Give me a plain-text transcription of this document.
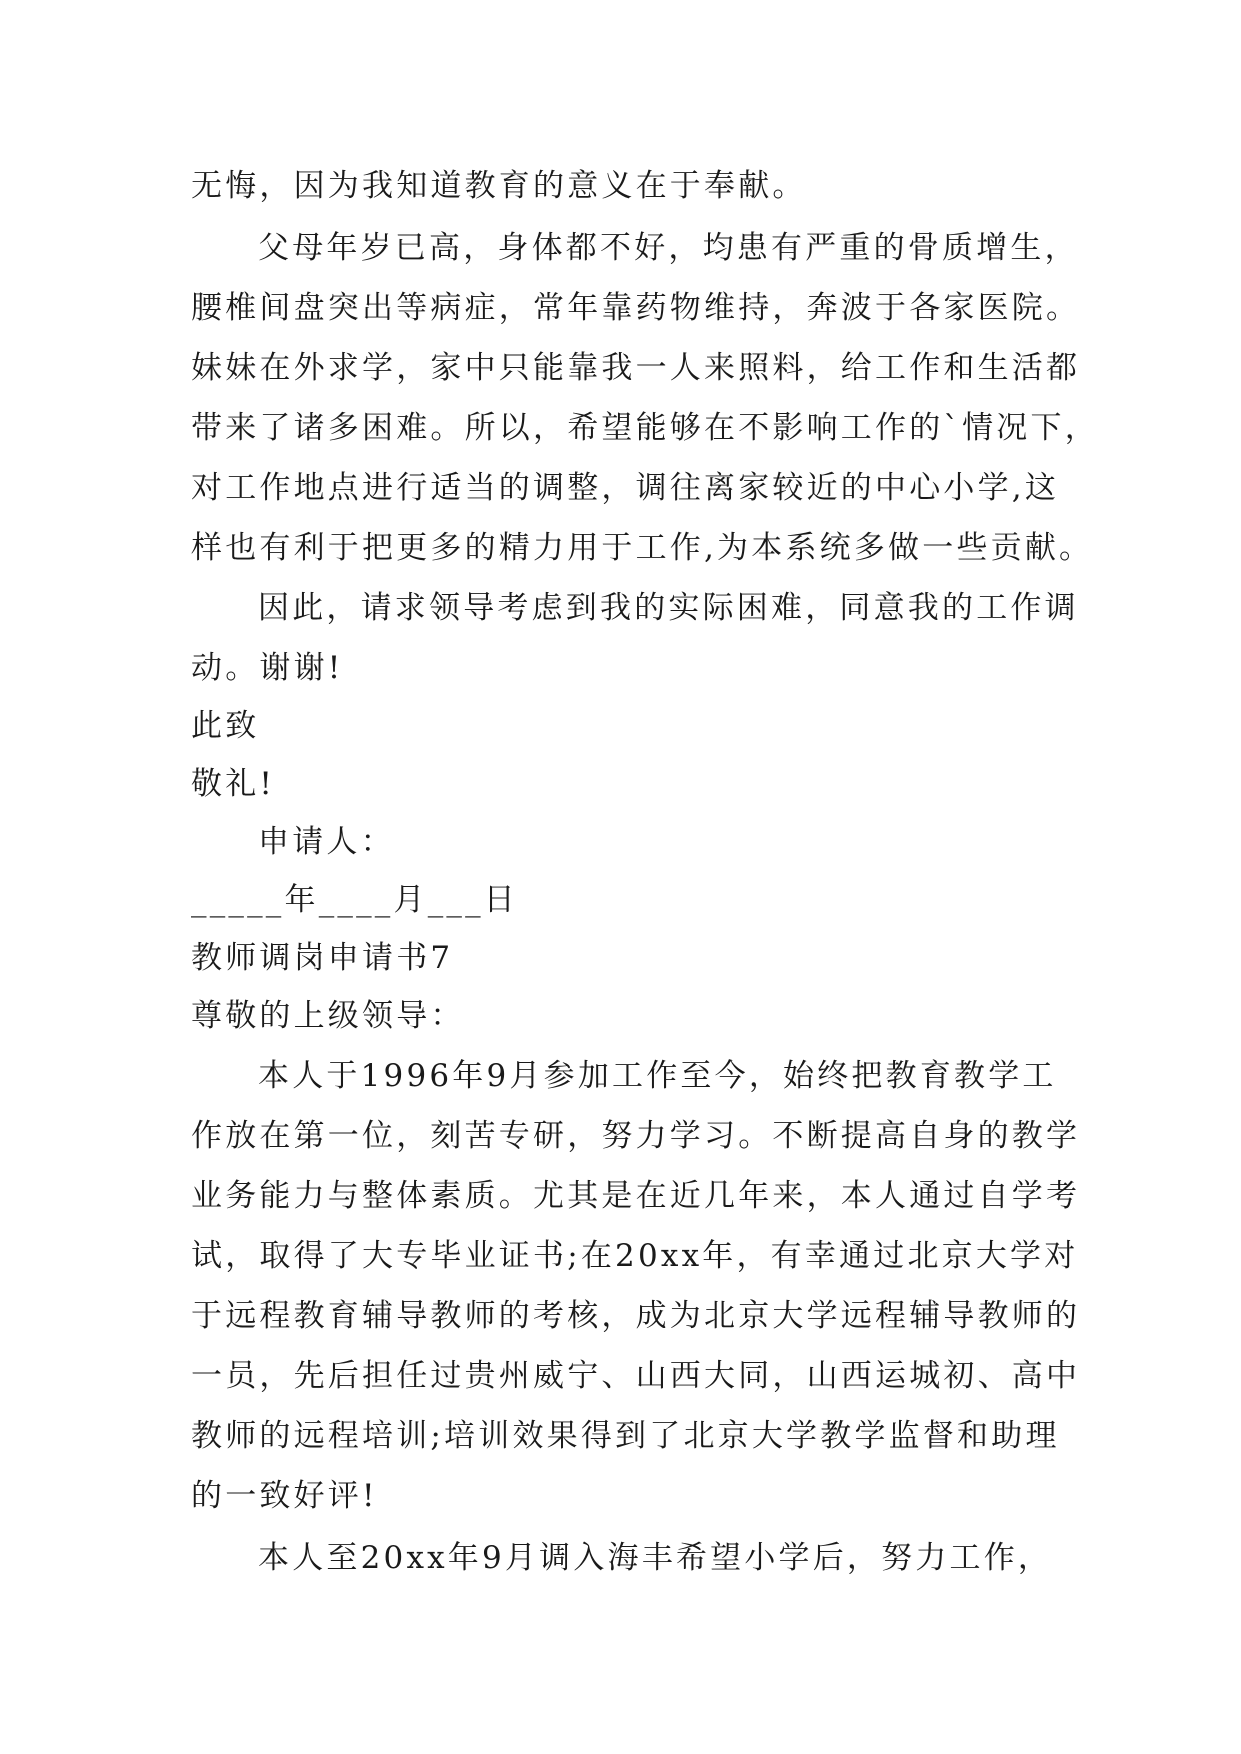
无悔，因为我知道教育的意义在于奉献。

父母年岁已高，身体都不好，均患有严重的骨质增生，

腰椎间盘突出等病症，常年靠药物维持，奔波于各家医院。

妹妹在外求学，家中只能靠我一人来照料，给工作和生活都

带来了诸多困难。所以，希望能够在不影响工作的`情况下，

对工作地点进行适当的调整，调往离家较近的中心小学,这

样也有利于把更多的精力用于工作,为本系统多做一些贡献。

因此，请求领导考虑到我的实际困难，同意我的工作调

动。谢谢!

此致

敬礼!

申请人：

_____年____月___日

教师调岗申请书7

尊敬的上级领导：

本人于1996年9月参加工作至今，始终把教育教学工

作放在第一位，刻苦专研，努力学习。不断提高自身的教学

业务能力与整体素质。尤其是在近几年来，本人通过自学考

试，取得了大专毕业证书;在20xx年，有幸通过北京大学对

于远程教育辅导教师的考核，成为北京大学远程辅导教师的

一员，先后担任过贵州威宁、山西大同，山西运城初、高中

教师的远程培训;培训效果得到了北京大学教学监督和助理

的一致好评!

本人至20xx年9月调入海丰希望小学后，努力工作，
